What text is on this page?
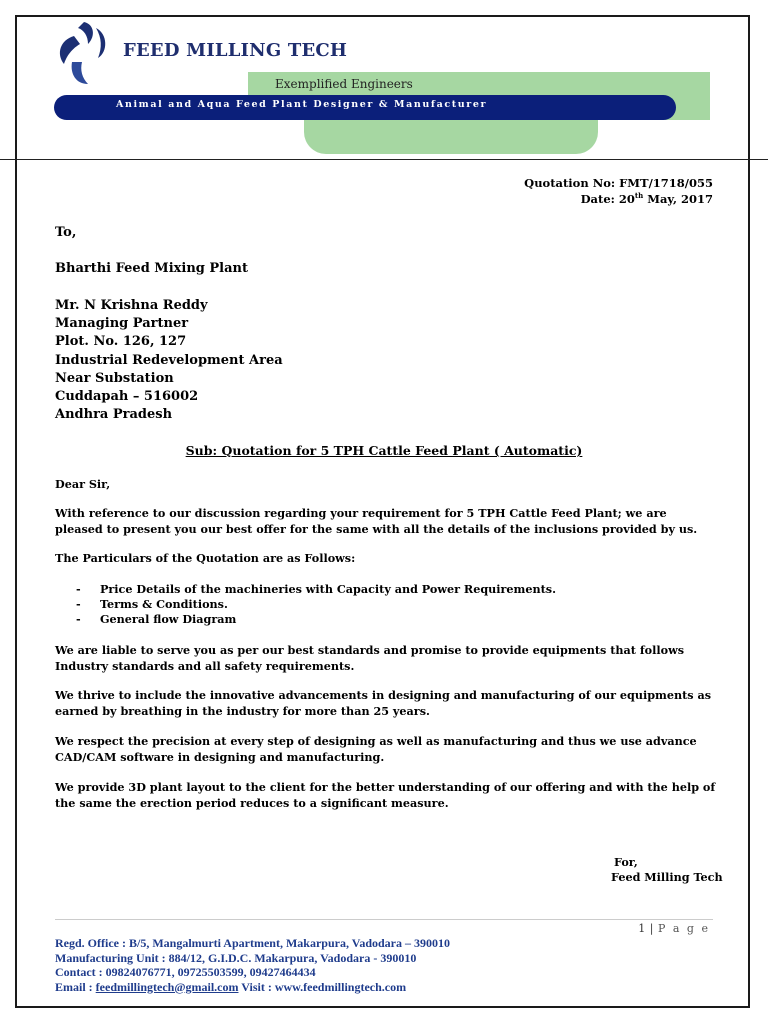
Animal and Aqua Feed Plant Designer & Manufacturer
FEED MILLING TECH
Exemplified Engineers
Quotation No: FMT/1718/055
Date: 20th May, 2017
To,
Bharthi Feed Mixing Plant
Mr. N Krishna Reddy
Managing Partner
Plot. No. 126, 127
Industrial Redevelopment Area
Near Substation
Cuddapah – 516002
Andhra Pradesh
Sub: Quotation for 5 TPH Cattle Feed Plant ( Automatic)
Dear Sir,
With reference to our discussion regarding your requirement for 5 TPH Cattle Feed Plant; we are pleased to present you our best offer for the same with all the details of the inclusions provided by us.
The Particulars of the Quotation are as Follows:
- Price Details of the machineries with Capacity and Power Requirements.
- Terms & Conditions.
- General flow Diagram
We are liable to serve you as per our best standards and promise to provide equipments that follows Industry standards and all safety requirements.
We thrive to include the innovative advancements in designing and manufacturing of our equipments as earned by breathing in the industry for more than 25 years.
We respect the precision at every step of designing as well as manufacturing and thus we use advance CAD/CAM software in designing and manufacturing.
We provide 3D plant layout to the client for the better understanding of our offering and with the help of the same the erection period reduces to a significant measure.
For,
Feed Milling Tech
1 | P a g e
Regd. Office : B/5, Mangalmurti Apartment, Makarpura, Vadodara – 390010
Manufacturing Unit : 884/12, G.I.D.C. Makarpura, Vadodara - 390010
Contact : 09824076771, 09725503599, 09427464434
Email : feedmillingtech@gmail.com Visit : www.feedmillingtech.com
